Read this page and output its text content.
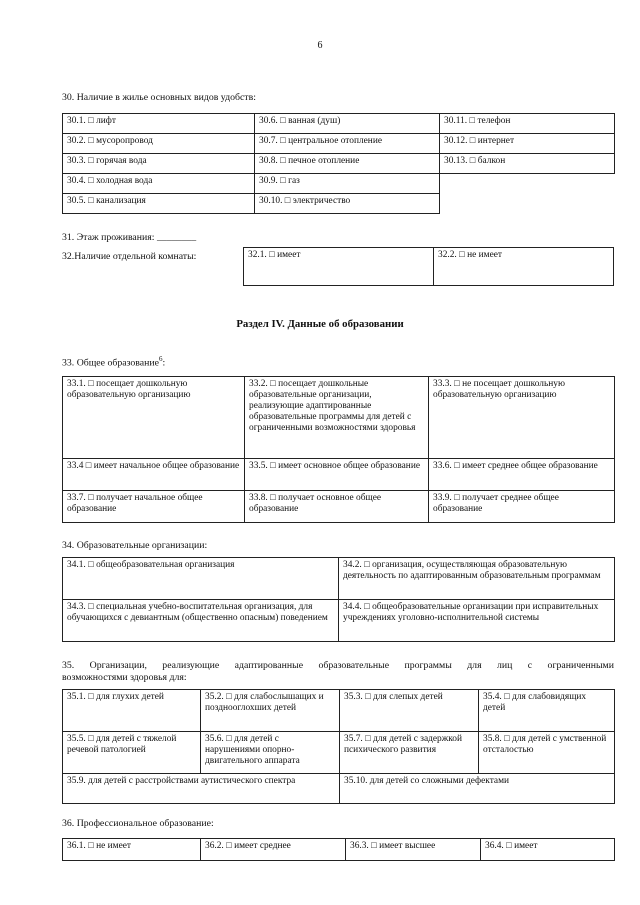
6
30. Наличие в жилье основных видов удобств:
30.1. □ лифт	30.6. □ ванная (душ)	30.11. □ телефон
30.2. □ мусоропровод	30.7. □ центральное отопление	30.12. □ интернет
30.3. □ горячая вода	30.8. □ печное отопление	30.13. □ балкон
30.4. □ холодная вода	30.9. □ газ	
30.5. □ канализация	30.10. □ электричество	
31. Этаж проживания: ________
32.Наличие отдельной комнаты:	32.1. □ имеет	32.2. □ не имеет
Раздел IV. Данные об образовании
33. Общее образование$^6$:
33.1. □ посещает дошкольную образовательную организацию	33.2. □ посещает дошкольные образовательные организации, реализующие адаптированные образовательные программы для детей с ограниченными возможностями здоровья	33.3. □ не посещает дошкольную образовательную организацию
33.4 □ имеет начальное общее образование	33.5. □ имеет основное общее образование	33.6. □ имеет среднее общее образование
33.7. □ получает начальное общее образование	33.8. □ получает основное общее образование	33.9. □ получает среднее общее образование
34. Образовательные организации:
34.1. □ общеобразовательная организация	34.2. □ организация, осуществляющая образовательную деятельность по адаптированным образовательным программам
34.3. □ специальная учебно-воспитательная организация, для обучающихся с девиантным (общественно опасным) поведением	34.4. □ общеобразовательные организации при исправительных учреждениях уголовно-исполнительной системы
35. Организации, реализующие адаптированные образовательные программы для лиц с ограниченными
возможностями здоровья для:
35.1. □ для глухих детей	35.2. □ для слабослышащих и позднооглохших детей	35.3. □ для слепых детей	35.4. □ для слабовидящих детей
35.5. □ для детей с тяжелой речевой патологией	35.6. □ для детей с нарушениями опорно-двигательного аппарата	35.7. □ для детей с задержкой психического развития	35.8. □ для детей с умственной отсталостью
35.9. для детей с расстройствами аутистического спектра		35.10. для детей со сложными дефектами	
36. Профессиональное образование:
36.1. □ не имеет	36.2. □ имеет среднее	36.3. □ имеет высшее	36.4. □ имеет
